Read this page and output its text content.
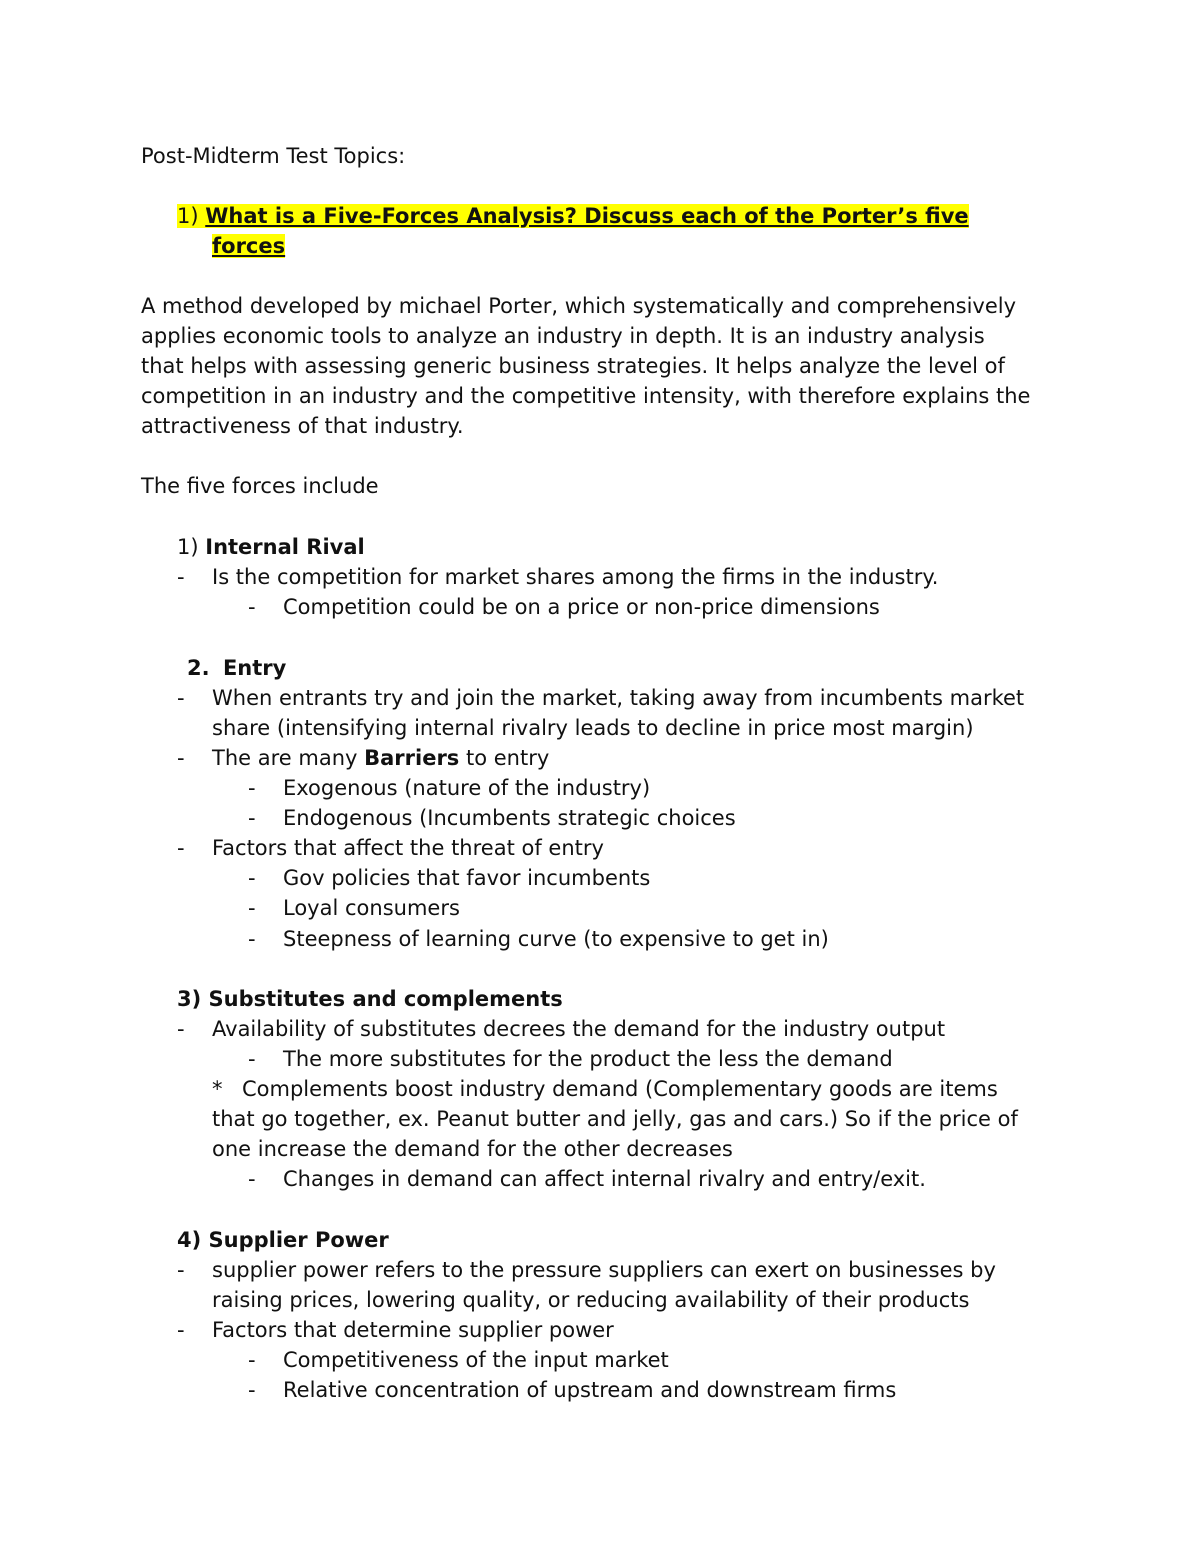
Post-Midterm Test Topics:
1) What is a Five-Forces Analysis? Discuss each of the Porter’s five
forces
A method developed by michael Porter, which systematically and comprehensively
applies economic tools to analyze an industry in depth. It is an industry analysis
that helps with assessing generic business strategies. It helps analyze the level of
competition in an industry and the competitive intensity, with therefore explains the
attractiveness of that industry.
The five forces include
1) Internal Rival
- Is the competition for market shares among the firms in the industry.
- Competition could be on a price or non-price dimensions
2. Entry
- When entrants try and join the market, taking away from incumbents market
share (intensifying internal rivalry leads to decline in price most margin)
- The are many Barriers to entry
- Exogenous (nature of the industry)
- Endogenous (Incumbents strategic choices
- Factors that affect the threat of entry
- Gov policies that favor incumbents
- Loyal consumers
- Steepness of learning curve (to expensive to get in)
3) Substitutes and complements
- Availability of substitutes decrees the demand for the industry output
- The more substitutes for the product the less the demand
* Complements boost industry demand (Complementary goods are items
that go together, ex. Peanut butter and jelly, gas and cars.) So if the price of
one increase the demand for the other decreases
- Changes in demand can affect internal rivalry and entry/exit.
4) Supplier Power
- supplier power refers to the pressure suppliers can exert on businesses by
raising prices, lowering quality, or reducing availability of their products
- Factors that determine supplier power
- Competitiveness of the input market
- Relative concentration of upstream and downstream firms
